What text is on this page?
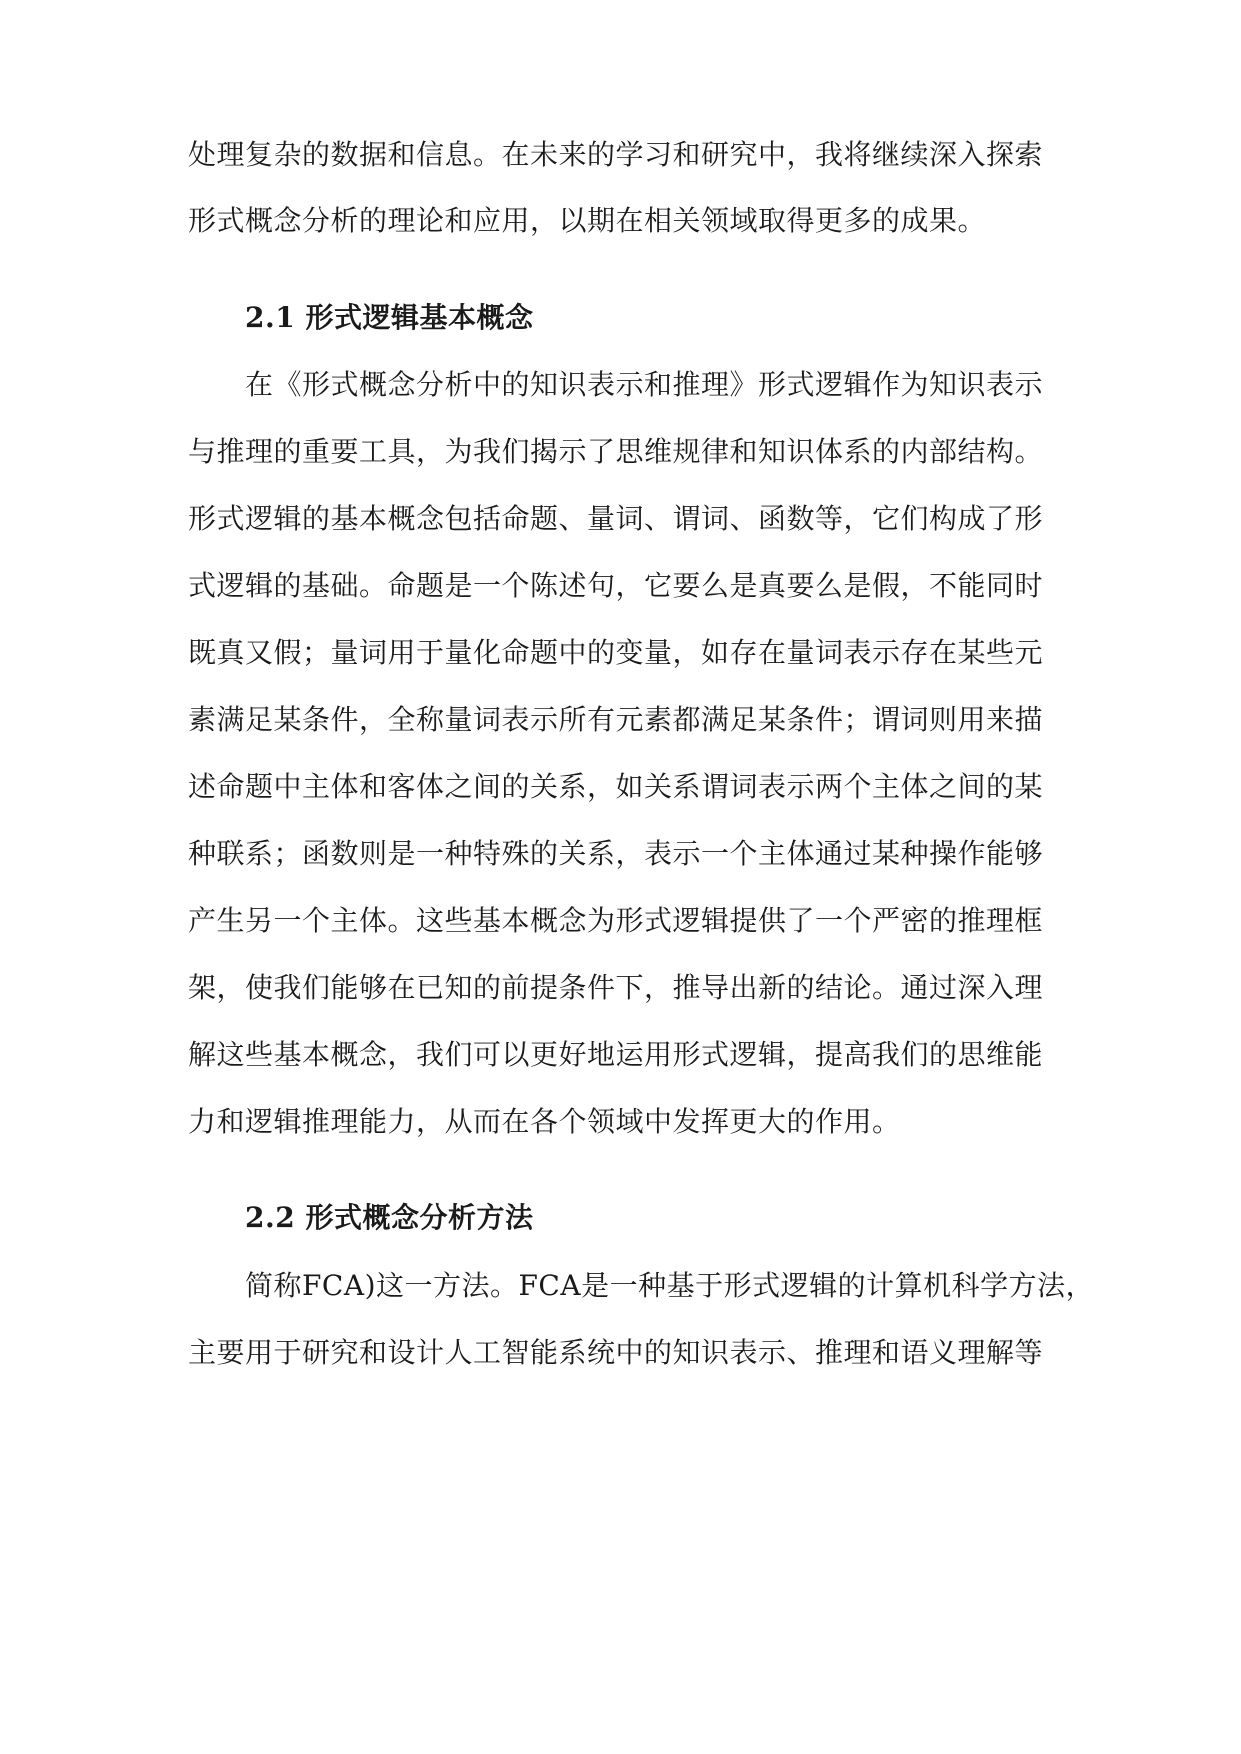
处理复杂的数据和信息。在未来的学习和研究中，我将继续深入探索
形式概念分析的理论和应用，以期在相关领域取得更多的成果。
2.1 形式逻辑基本概念
在《形式概念分析中的知识表示和推理》形式逻辑作为知识表示
与推理的重要工具，为我们揭示了思维规律和知识体系的内部结构。
形式逻辑的基本概念包括命题、量词、谓词、函数等，它们构成了形
式逻辑的基础。命题是一个陈述句，它要么是真要么是假，不能同时
既真又假；量词用于量化命题中的变量，如存在量词表示存在某些元
素满足某条件，全称量词表示所有元素都满足某条件；谓词则用来描
述命题中主体和客体之间的关系，如关系谓词表示两个主体之间的某
种联系；函数则是一种特殊的关系，表示一个主体通过某种操作能够
产生另一个主体。这些基本概念为形式逻辑提供了一个严密的推理框
架，使我们能够在已知的前提条件下，推导出新的结论。通过深入理
解这些基本概念，我们可以更好地运用形式逻辑，提高我们的思维能
力和逻辑推理能力，从而在各个领域中发挥更大的作用。
2.2 形式概念分析方法
简称FCA)这一方法。FCA是一种基于形式逻辑的计算机科学方法，
主要用于研究和设计人工智能系统中的知识表示、推理和语义理解等
